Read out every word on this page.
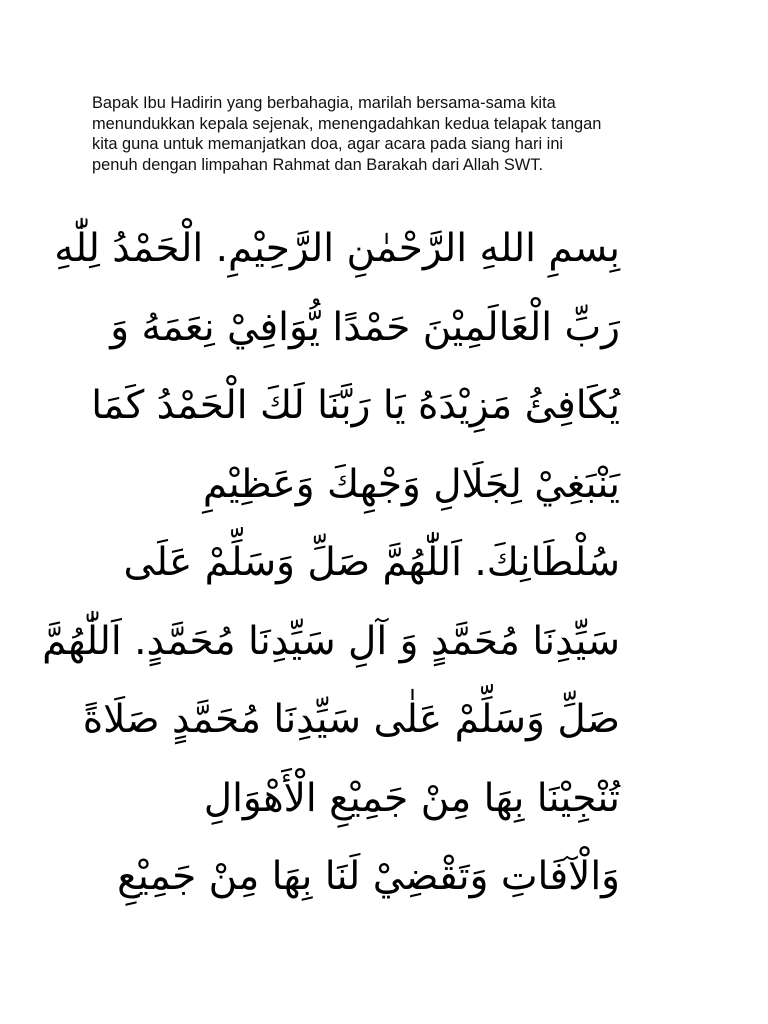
Bapak Ibu Hadirin yang berbahagia, marilah bersama-sama kita
menundukkan kepala sejenak, menengadahkan kedua telapak tangan
kita guna untuk memanjatkan doa, agar acara pada siang hari ini
penuh dengan limpahan Rahmat dan Barakah dari Allah SWT.

بِسمِ اللهِ الرَّحْمٰنِ الرَّحِيْمِ. الْحَمْدُ لِلّٰهِ
رَبِّ الْعَالَمِيْنَ حَمْدًا يُّوَافِيْ نِعَمَهُ وَ
يُكَافِئُ مَزِيْدَهُ يَا رَبَّنَا لَكَ الْحَمْدُ كَمَا
يَنْبَغِيْ لِجَلَالِ وَجْهِكَ وَعَظِيْمِ
سُلْطَانِكَ. اَللّٰهُمَّ صَلِّ وَسَلِّمْ عَلَى
سَيِّدِنَا مُحَمَّدٍ وَ آلِ سَيِّدِنَا مُحَمَّدٍ. اَللّٰهُمَّ
صَلِّ وَسَلِّمْ عَلٰى سَيِّدِنَا مُحَمَّدٍ صَلَاةً
تُنْجِيْنَا بِهَا مِنْ جَمِيْعِ الْأَهْوَالِ
وَالْآفَاتِ وَتَقْضِيْ لَنَا بِهَا مِنْ جَمِيْعِ
